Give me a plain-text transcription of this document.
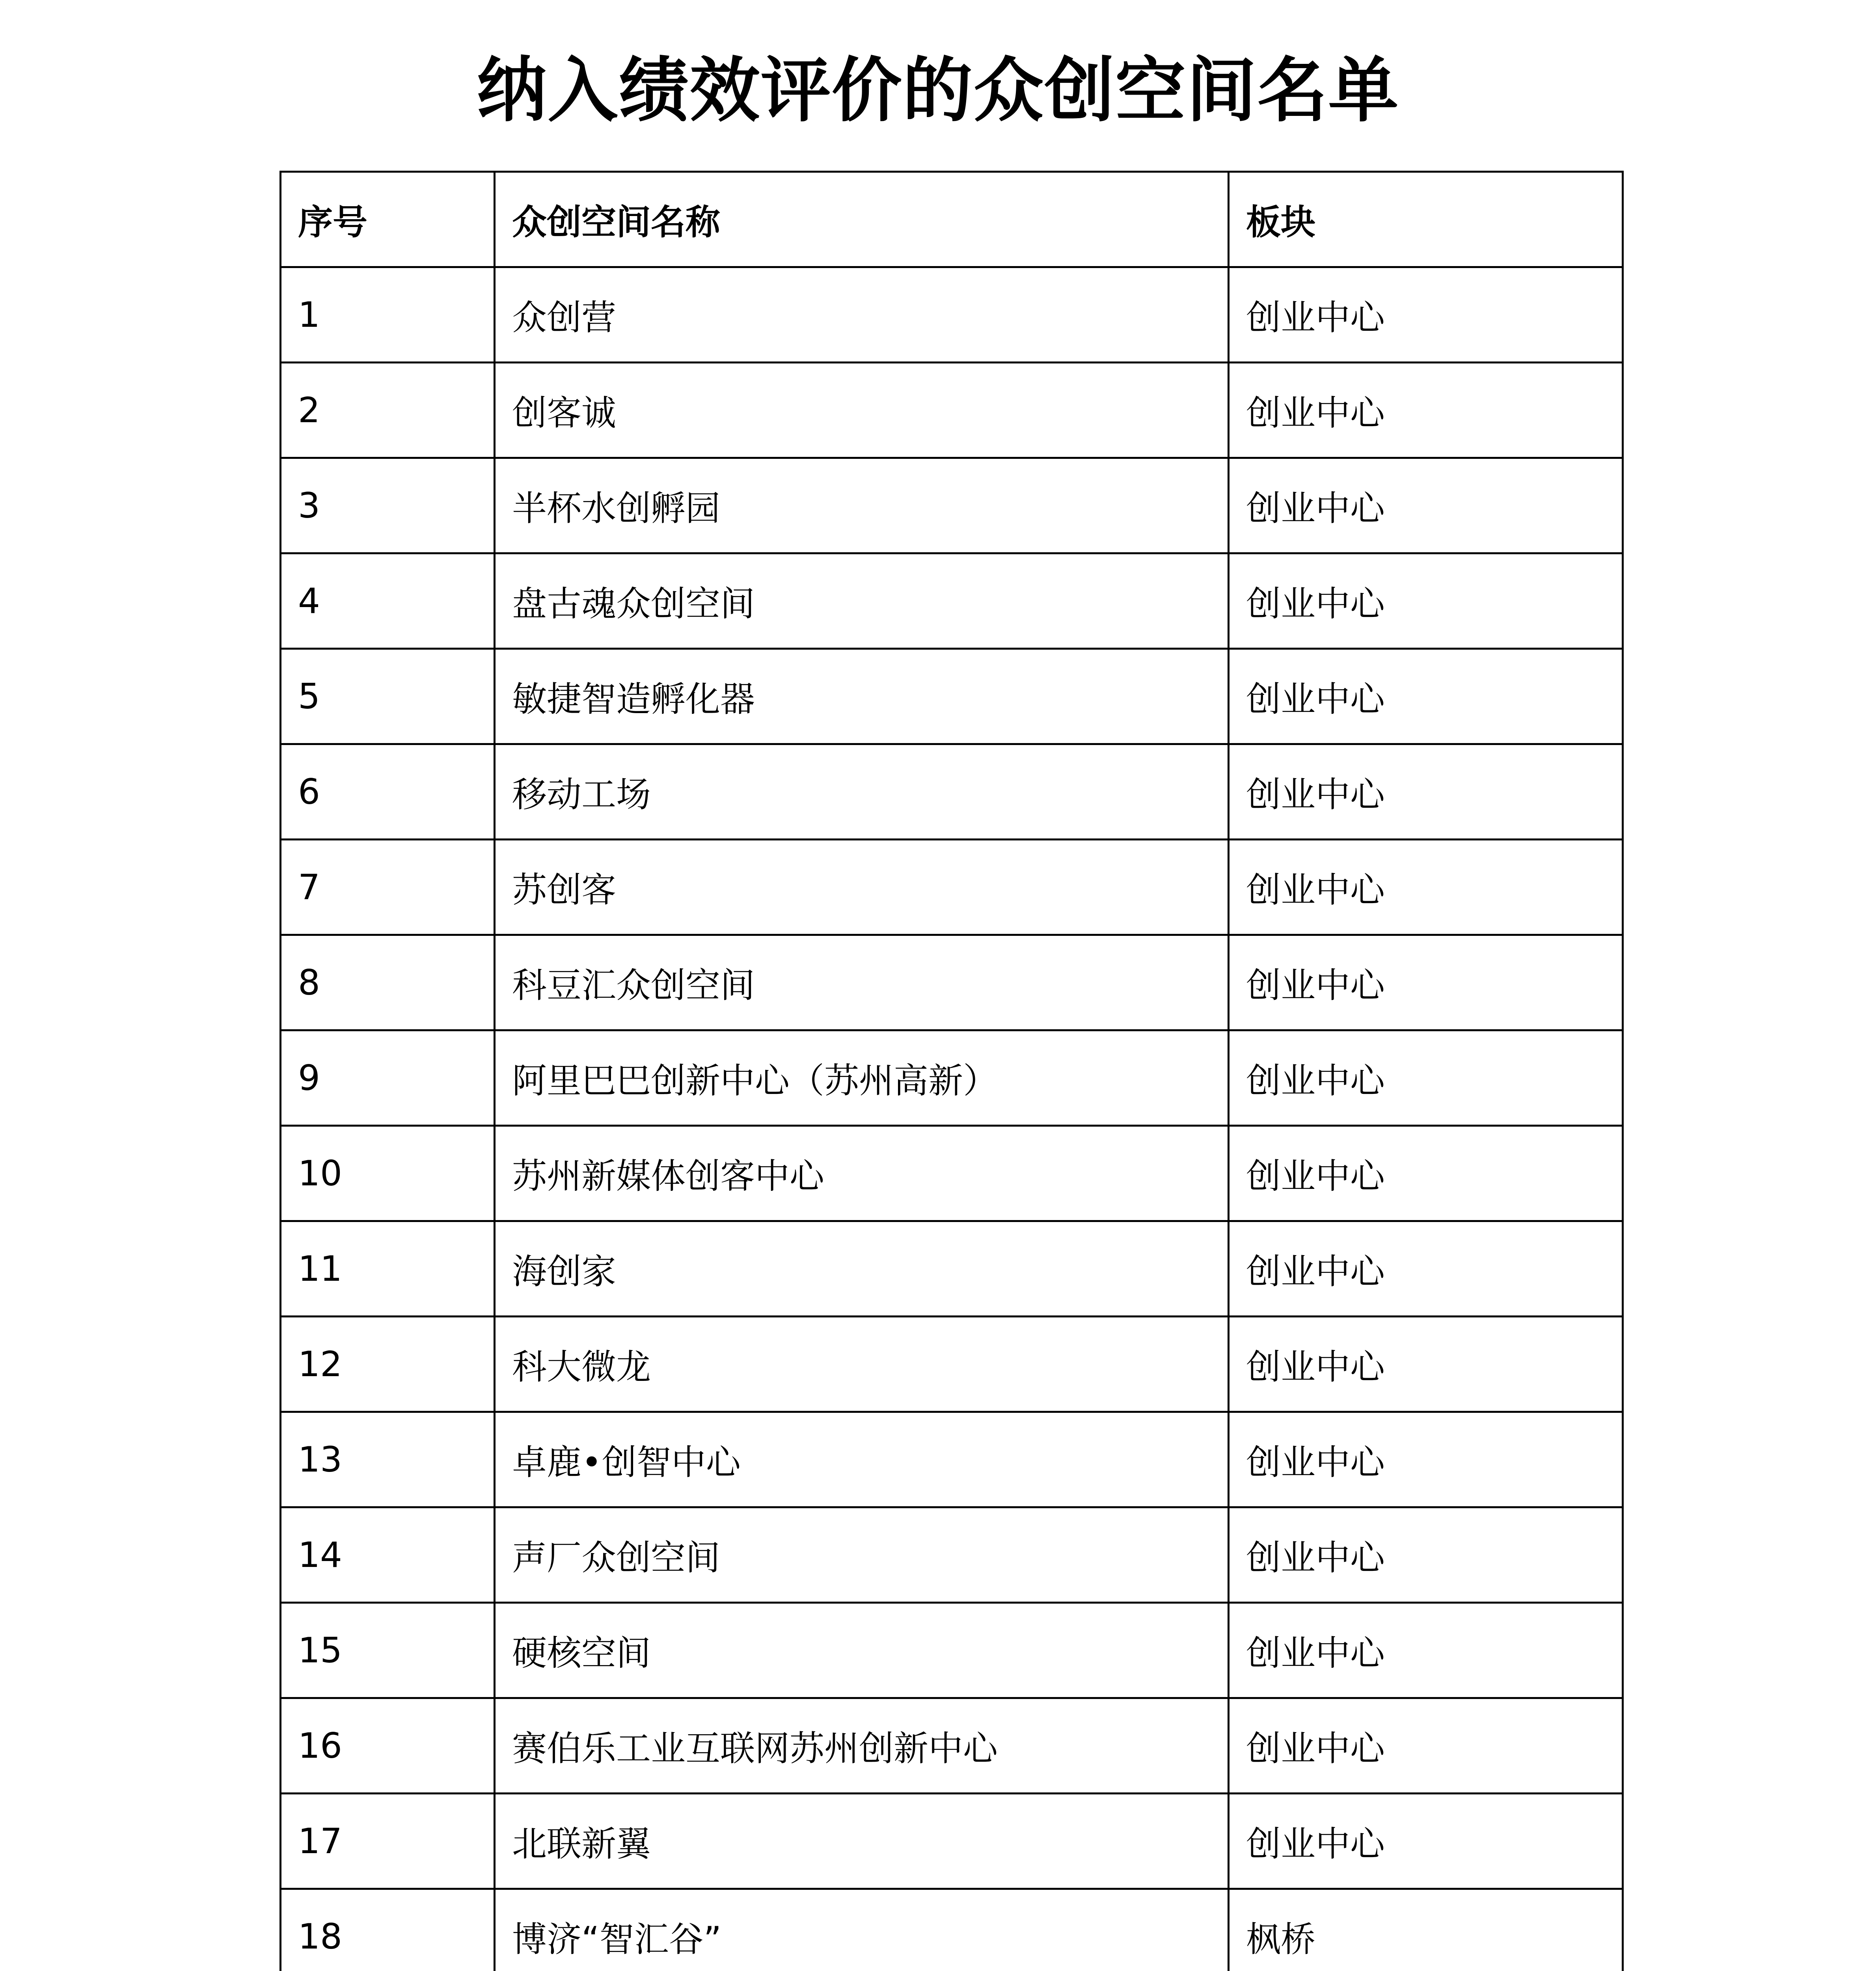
纳入绩效评价的众创空间名单
序号	众创空间名称	板块
1	众创营	创业中心
2	创客诚	创业中心
3	半杯水创孵园	创业中心
4	盘古魂众创空间	创业中心
5	敏捷智造孵化器	创业中心
6	移动工场	创业中心
7	苏创客	创业中心
8	科豆汇众创空间	创业中心
9	阿里巴巴创新中心（苏州高新）	创业中心
10	苏州新媒体创客中心	创业中心
11	海创家	创业中心
12	科大微龙	创业中心
13	卓鹿•创智中心	创业中心
14	声厂众创空间	创业中心
15	硬核空间	创业中心
16	赛伯乐工业互联网苏州创新中心	创业中心
17	北联新翼	创业中心
18	博济“智汇谷”	枫桥
